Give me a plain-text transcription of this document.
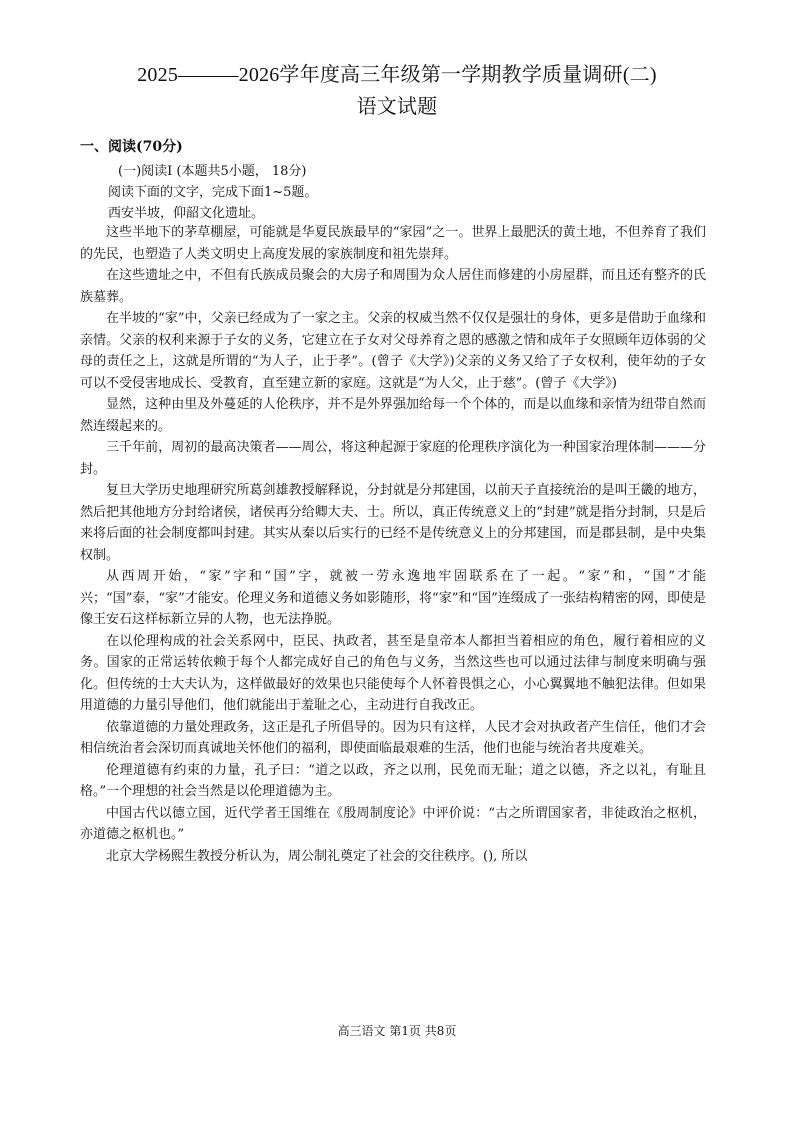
2025———2026学年度高三年级第一学期教学质量调研(二)
语文试题
一、阅读(70分)
(一)阅读Ⅰ (本题共5小题， 18分)
阅读下面的文字，完成下面1~5题。
西安半坡，仰韶文化遗址。

这些半地下的茅草棚屋，可能就是华夏民族最早的“家园”之一。世界上最肥沃的黄土地，不但养育了我们的先民，也塑造了人类文明史上高度发展的家族制度和祖先崇拜。

在这些遗址之中，不但有氏族成员聚会的大房子和周围为众人居住而修建的小房屋群，而且还有整齐的氏族墓葬。

在半坡的“家”中，父亲已经成为了一家之主。父亲的权威当然不仅仅是强壮的身体，更多是借助于血缘和亲情。父亲的权利来源于子女的义务，它建立在子女对父母养育之恩的感激之情和成年子女照顾年迈体弱的父母的责任之上，这就是所谓的“为人子，止于孝”。(曾子《大学》)父亲的义务又给了子女权利，使年幼的子女可以不受侵害地成长、受教育，直至建立新的家庭。这就是“为人父，止于慈”。(曾子《大学》)

显然，这种由里及外蔓延的人伦秩序，并不是外界强加给每一个个体的，而是以血缘和亲情为纽带自然而然连缀起来的。

三千年前，周初的最高决策者——周公，将这种起源于家庭的伦理秩序演化为一种国家治理体制———分封。

复旦大学历史地理研究所葛剑雄教授解释说，分封就是分邦建国，以前天子直接统治的是叫王畿的地方，然后把其他地方分封给诸侯，诸侯再分给卿大夫、士。所以，真正传统意义上的“封建”就是指分封制，只是后来将后面的社会制度都叫封建。其实从秦以后实行的已经不是传统意义上的分邦建国，而是郡县制，是中央集权制。

从西周开始，“家”字和“国”字，就被一劳永逸地牢固联系在了一起。“家”和，“国”才能兴；“国”泰，“家”才能安。伦理义务和道德义务如影随形，将“家”和“国”连缀成了一张结构精密的网，即使是像王安石这样标新立异的人物，也无法挣脱。

在以伦理构成的社会关系网中，臣民、执政者，甚至是皇帝本人都担当着相应的角色，履行着相应的义务。国家的正常运转依赖于每个人都完成好自己的角色与义务，当然这些也可以通过法律与制度来明确与强化。但传统的士大夫认为，这样做最好的效果也只能使每个人怀着畏惧之心，小心翼翼地不触犯法律。但如果用道德的力量引导他们，他们就能出于羞耻之心，主动进行自我改正。

依靠道德的力量处理政务，这正是孔子所倡导的。因为只有这样，人民才会对执政者产生信任，他们才会相信统治者会深切而真诚地关怀他们的福利，即使面临最艰难的生活，他们也能与统治者共度难关。

伦理道德有约束的力量，孔子曰：“道之以政，齐之以刑，民免而无耻；道之以德，齐之以礼，有耻且格。”一个理想的社会当然是以伦理道德为主。

中国古代以德立国，近代学者王国维在《殷周制度论》中评价说：“古之所谓国家者，非徒政治之枢机，亦道德之枢机也。”

北京大学杨熙生教授分析认为，周公制礼奠定了社会的交往秩序。(), 所以

高三语文 第1页 共8页
